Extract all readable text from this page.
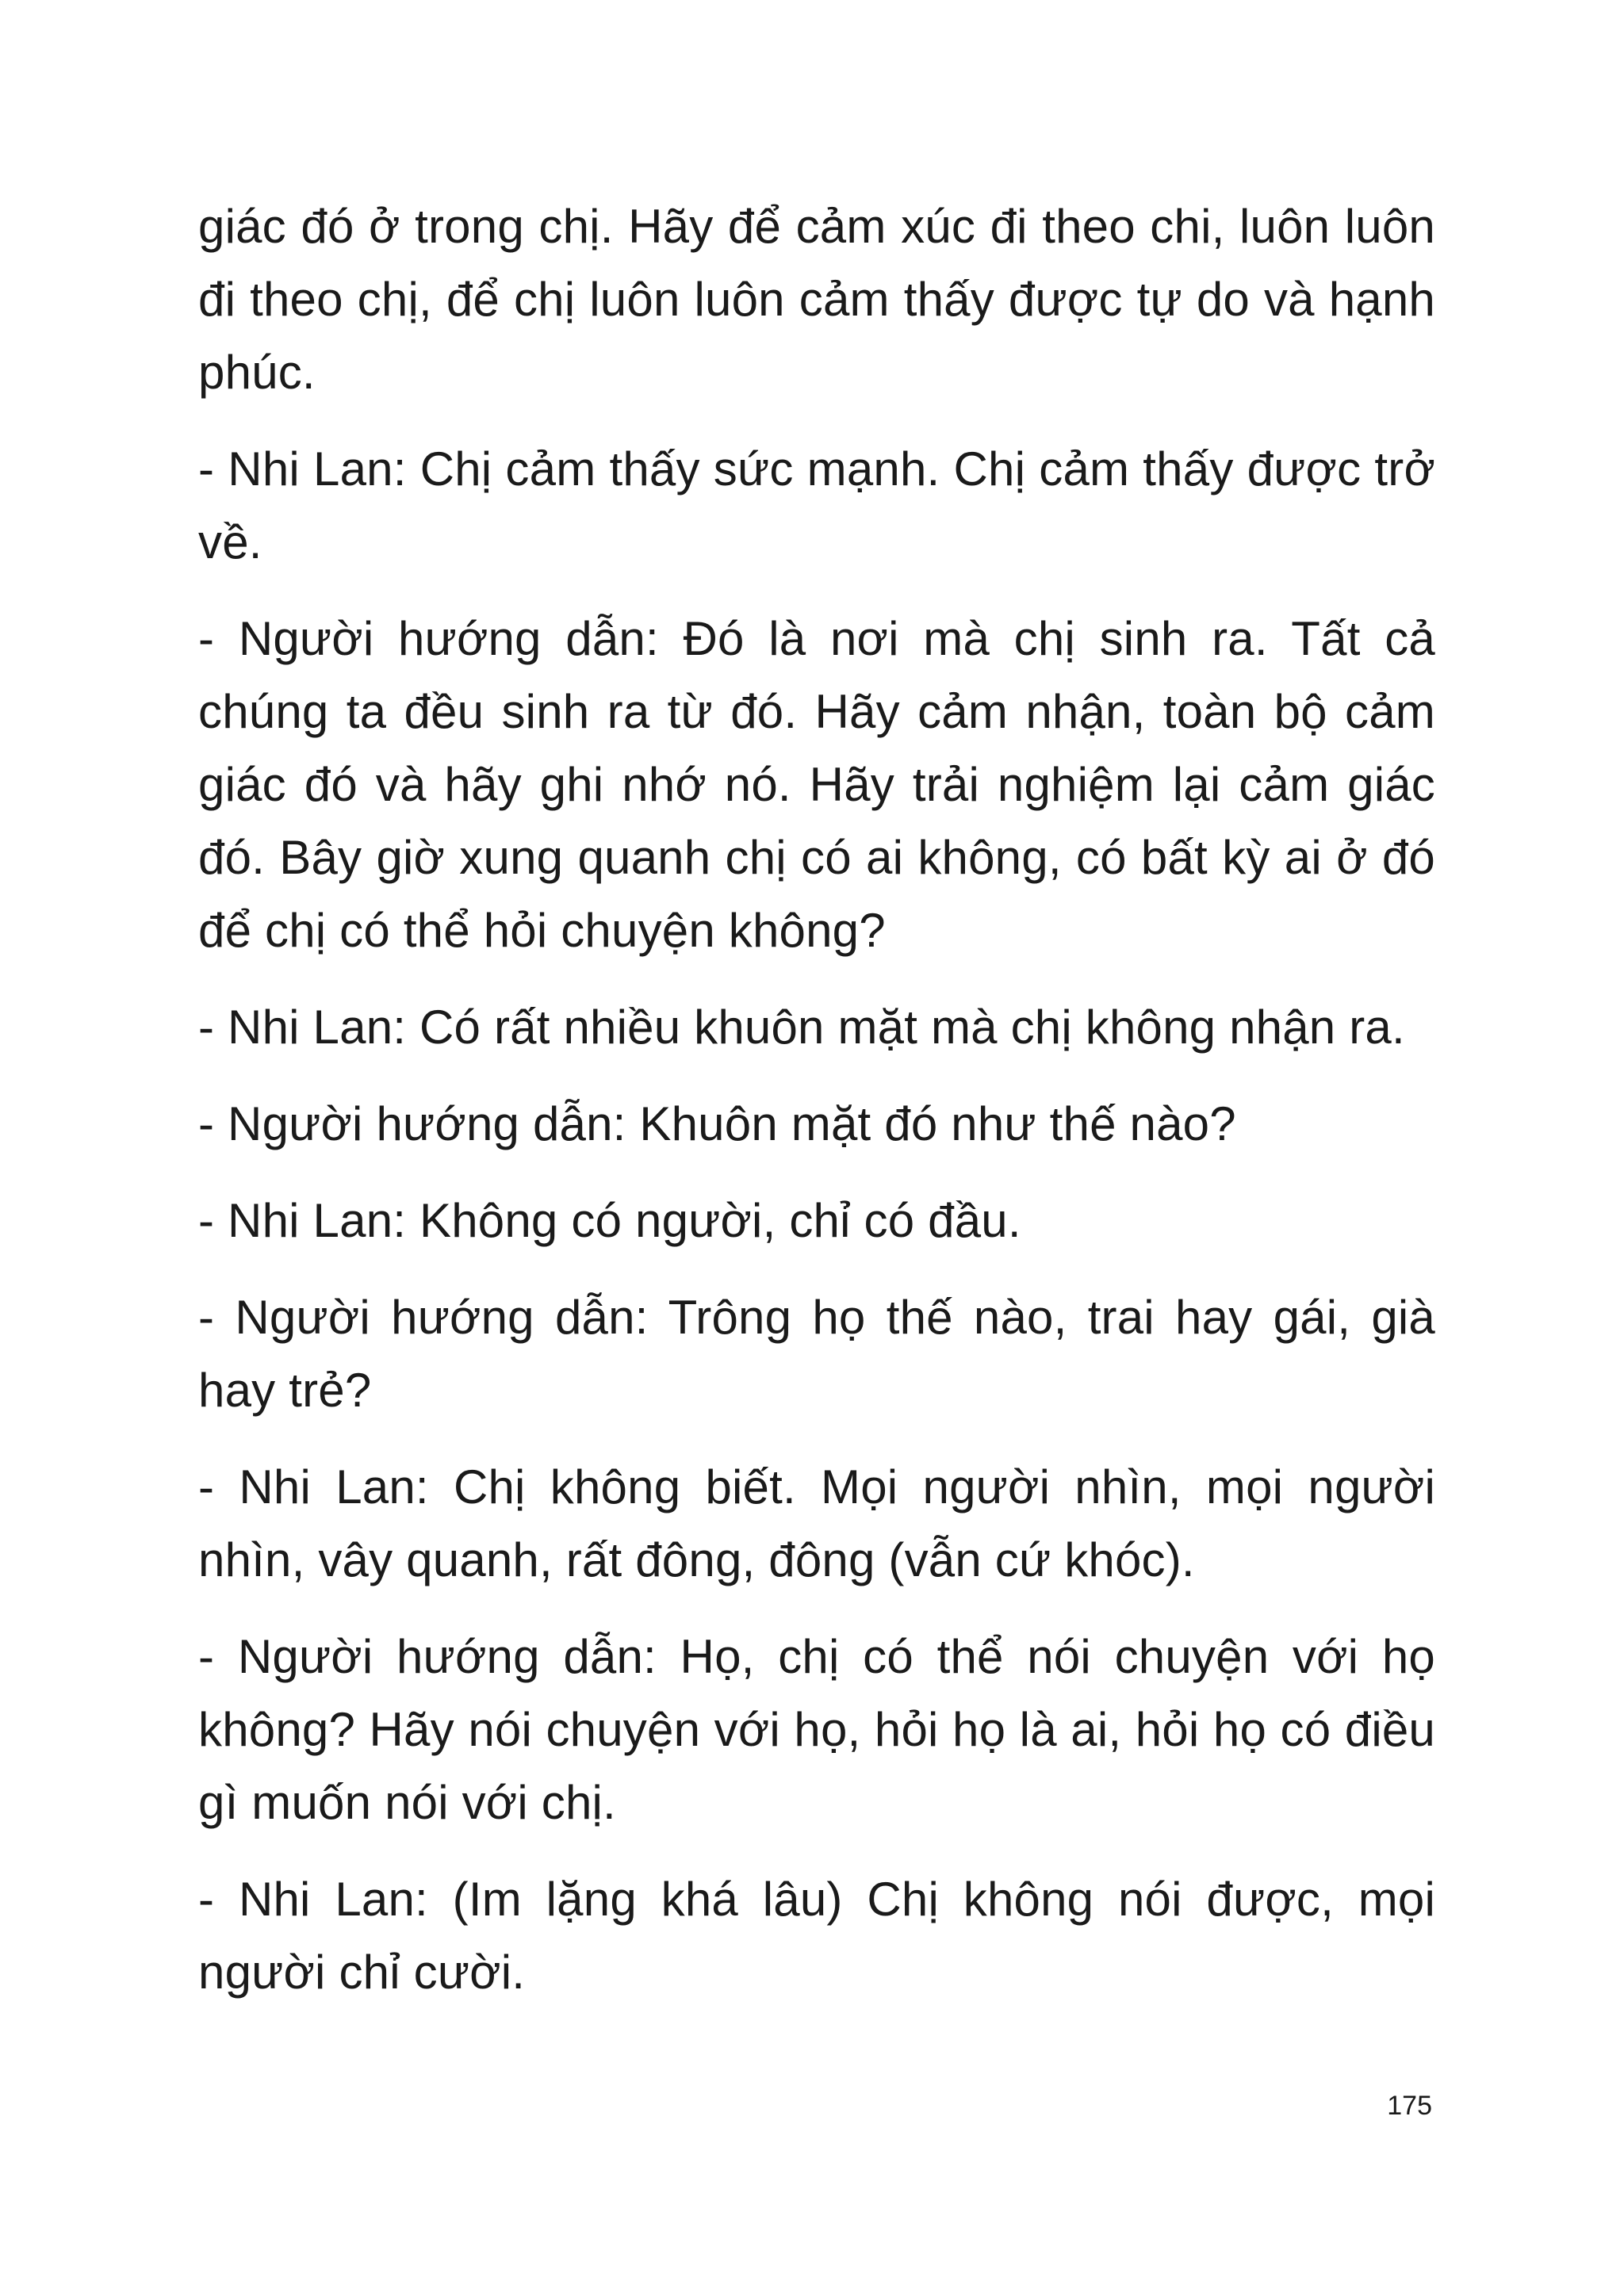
giác đó ở trong chị. Hãy để cảm xúc đi theo chi, luôn luôn đi theo chị, để chị luôn luôn cảm thấy được tự do và hạnh phúc.

- Nhi Lan: Chị cảm thấy sức mạnh. Chị cảm thấy được trở về.

- Người hướng dẫn: Đó là nơi mà chị sinh ra. Tất cả chúng ta đều sinh ra từ đó. Hãy cảm nhận, toàn bộ cảm giác đó và hãy ghi nhớ nó. Hãy trải nghiệm lại cảm giác đó. Bây giờ xung quanh chị có ai không, có bất kỳ ai ở đó để chị có thể hỏi chuyện không?

- Nhi Lan: Có rất nhiều khuôn mặt mà chị không nhận ra.

- Người hướng dẫn: Khuôn mặt đó như thế nào?

- Nhi Lan: Không có người, chỉ có đầu.

- Người hướng dẫn: Trông họ thế nào, trai hay gái, già hay trẻ?

- Nhi Lan: Chị không biết. Mọi người nhìn, mọi người nhìn, vây quanh, rất đông, đông (vẫn cứ khóc).

- Người hướng dẫn: Họ, chị có thể nói chuyện với họ không? Hãy nói chuyện với họ, hỏi họ là ai, hỏi họ có điều gì muốn nói với chị.

- Nhi Lan: (Im lặng khá lâu) Chị không nói được, mọi người chỉ cười.

175
